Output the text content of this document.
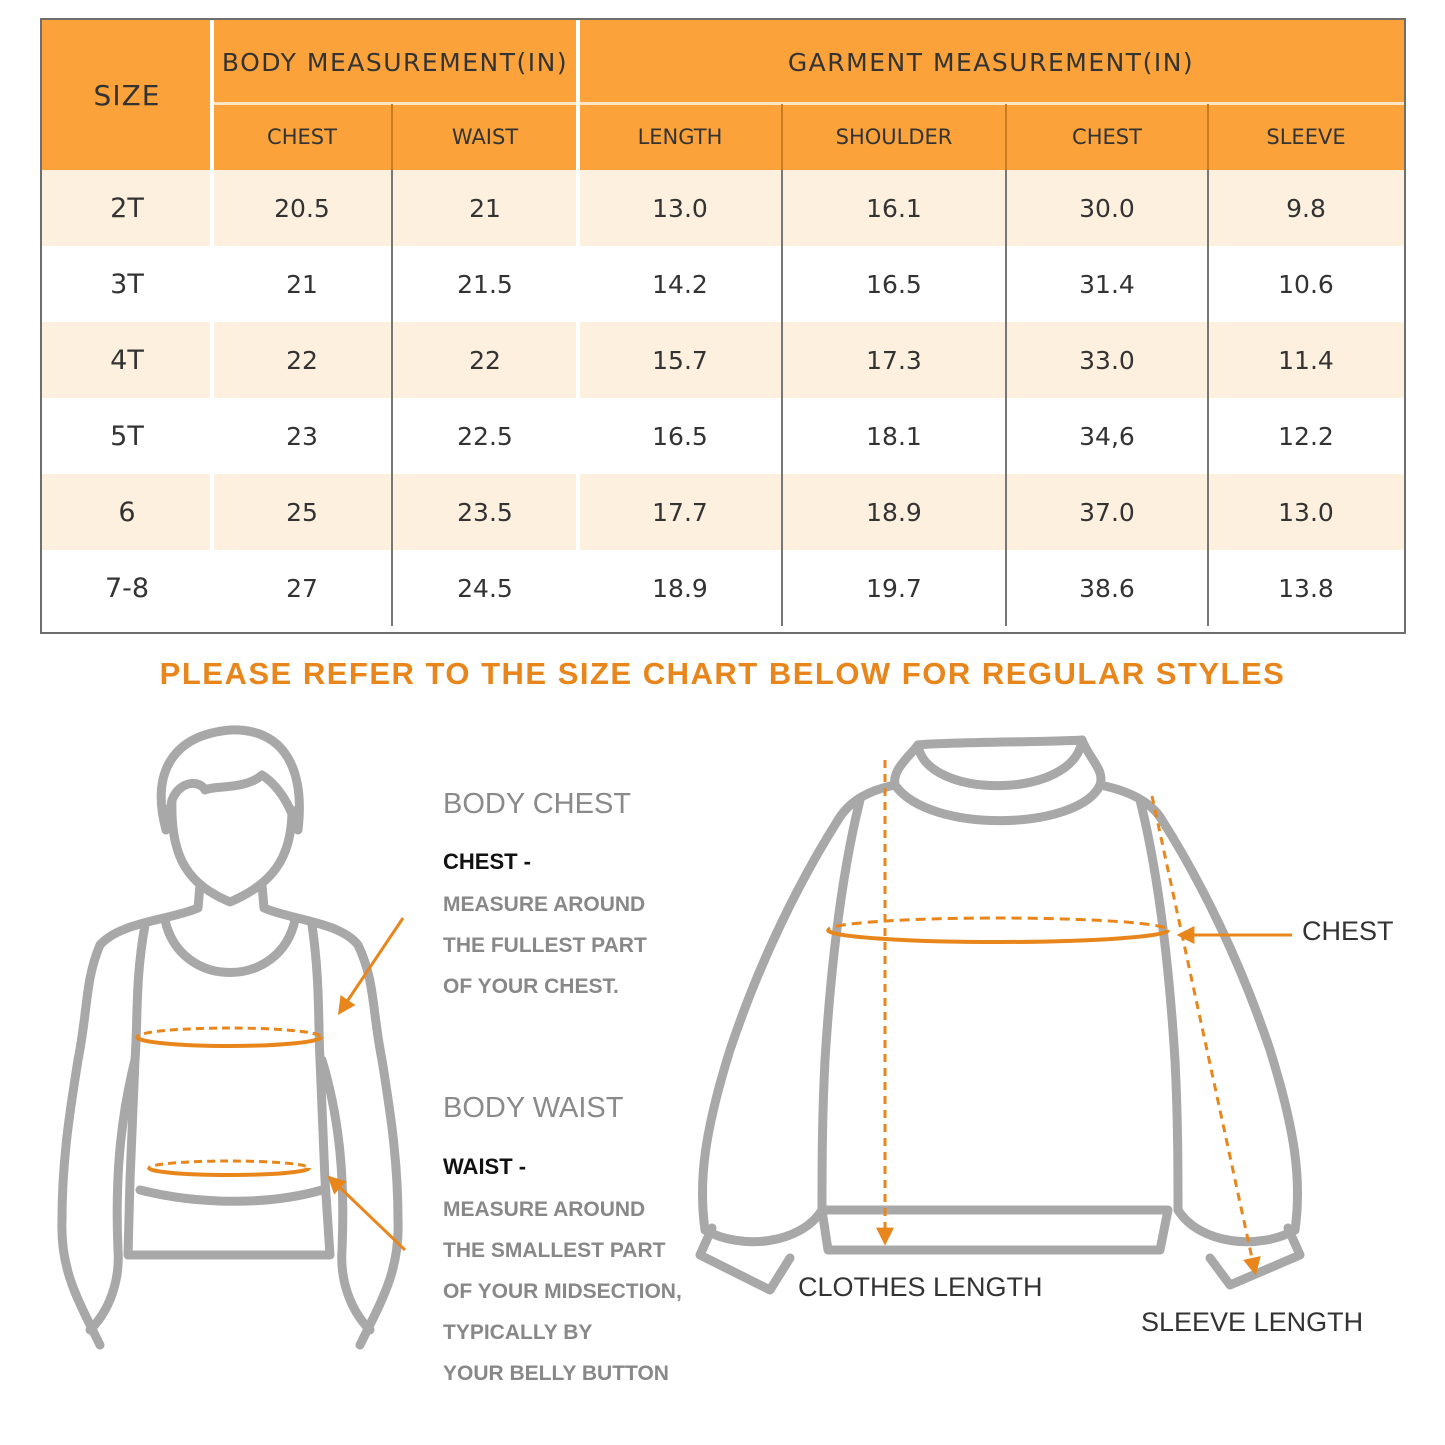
SIZE
BODY MEASUREMENT(IN)	GARMENT MEASUREMENT(IN)
CHEST	WAIST	LENGTH	SHOULDER	CHEST	SLEEVE
2T	20.5	21	13.0	16.1	30.0	9.8
3T	21	21.5	14.2	16.5	31.4	10.6
4T	22	22	15.7	17.3	33.0	11.4
5T	23	22.5	16.5	18.1	34,6	12.2
6	25	23.5	17.7	18.9	37.0	13.0
7-8	27	24.5	18.9	19.7	38.6	13.8
PLEASE REFER TO THE SIZE CHART BELOW FOR REGULAR STYLES
BODY CHEST
CHEST -
MEASURE AROUND
THE FULLEST PART
OF YOUR CHEST.
BODY WAIST
WAIST -
MEASURE AROUND
THE SMALLEST PART
OF YOUR MIDSECTION,
TYPICALLY BY
YOUR BELLY BUTTON
CHEST
CLOTHES LENGTH
SLEEVE LENGTH
